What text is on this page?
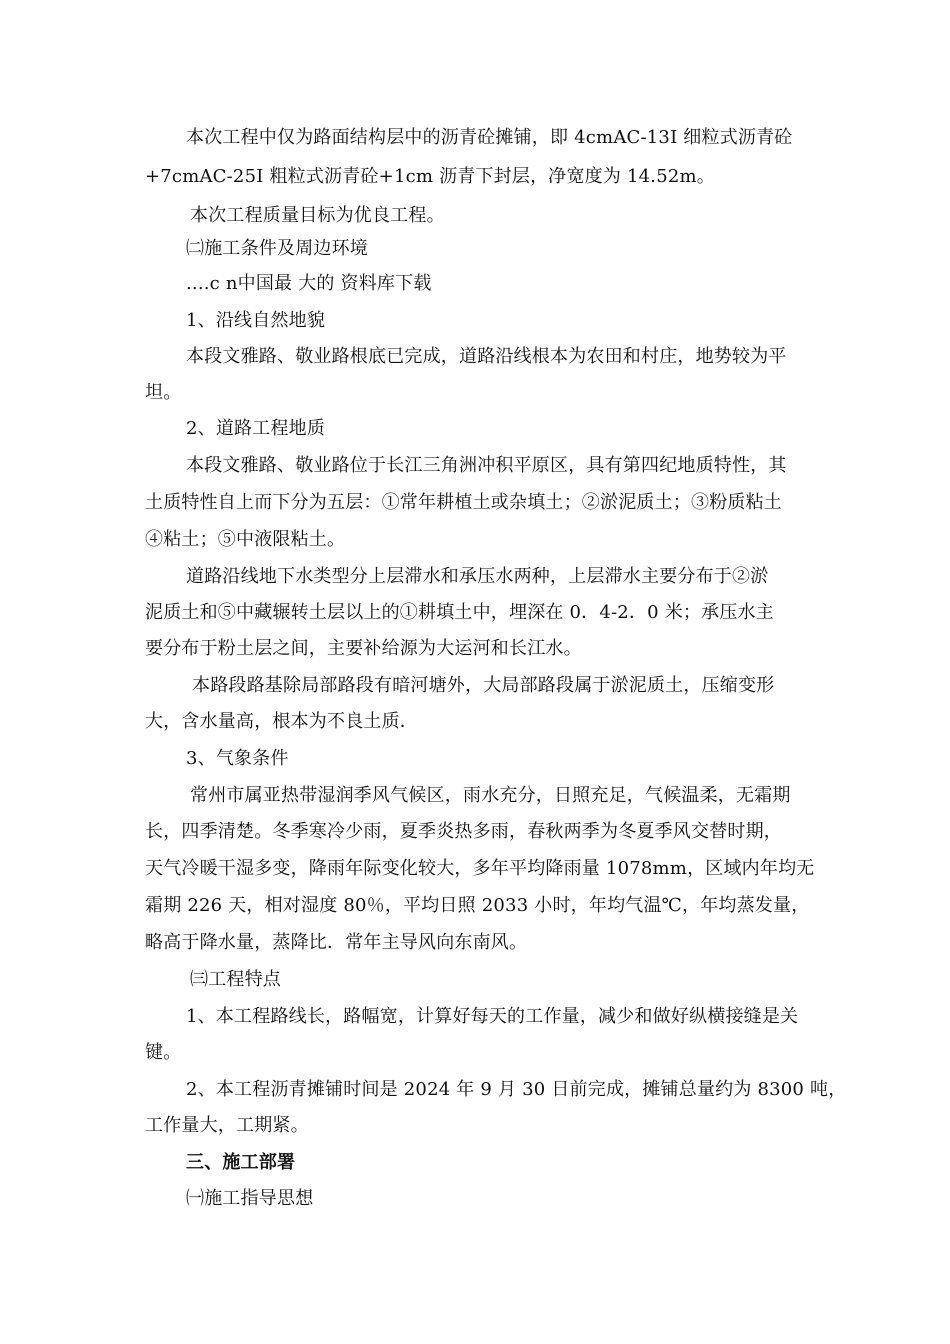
本次工程中仅为路面结构层中的沥青砼摊铺，即 4cmAC-13I 细粒式沥青砼
+7cmAC-25I 粗粒式沥青砼+1cm 沥青下封层，净宽度为 14.52m。
本次工程质量目标为优良工程。
㈡施工条件及周边环境
....c n中国最 大的 资料库下载
1、沿线自然地貌
本段文雅路、敬业路根底已完成，道路沿线根本为农田和村庄，地势较为平
坦。
2、道路工程地质
本段文雅路、敬业路位于长江三角洲冲积平原区，具有第四纪地质特性，其
土质特性自上而下分为五层：①常年耕植土或杂填土；②淤泥质土；③粉质粘土
④粘土；⑤中液限粘土。
道路沿线地下水类型分上层滞水和承压水两种，上层滞水主要分布于②淤
泥质土和⑤中藏辗转土层以上的①耕填土中，埋深在 0．4-2．0 米；承压水主
要分布于粉土层之间，主要补给源为大运河和长江水。
本路段路基除局部路段有暗河塘外，大局部路段属于淤泥质土，压缩变形
大，含水量高，根本为不良土质．
3、气象条件
常州市属亚热带湿润季风气候区，雨水充分，日照充足，气候温柔，无霜期
长，四季清楚。冬季寒冷少雨，夏季炎热多雨，春秋两季为冬夏季风交替时期，
天气冷暖干湿多变，降雨年际变化较大，多年平均降雨量 1078mm，区域内年均无
霜期 226 天，相对湿度 80％，平均日照 2033 小时，年均气温℃，年均蒸发量，
略高于降水量，蒸降比．常年主导风向东南风。
㈢工程特点
1、本工程路线长，路幅宽，计算好每天的工作量，减少和做好纵横接缝是关
键。
2、本工程沥青摊铺时间是 2024 年 9 月 30 日前完成，摊铺总量约为 8300 吨，
工作量大，工期紧。
三、施工部署
㈠施工指导思想
